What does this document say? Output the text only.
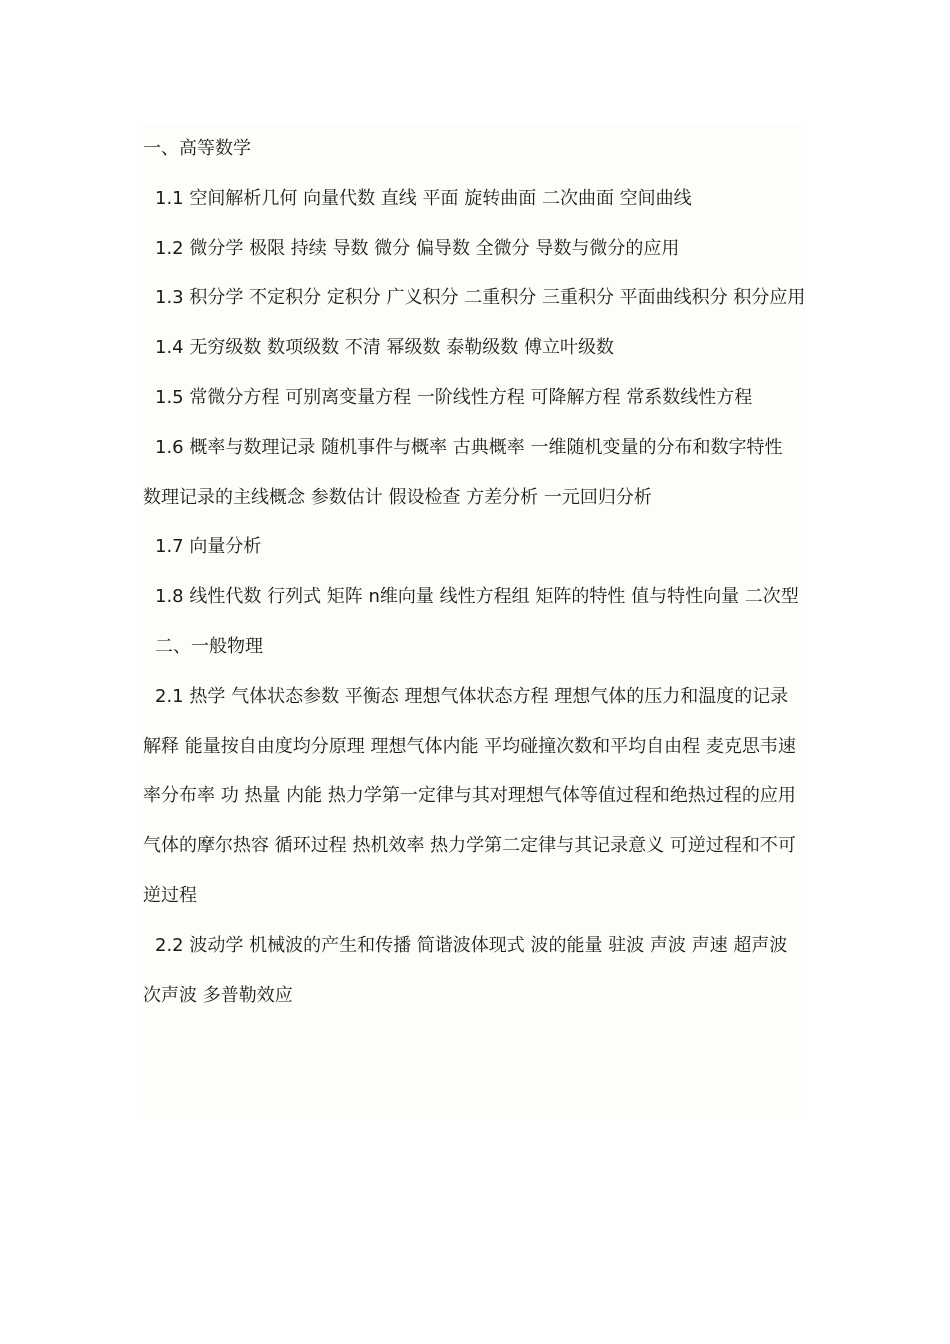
一、高等数学

1.1 空间解析几何 向量代数 直线 平面 旋转曲面 二次曲面 空间曲线

1.2 微分学 极限 持续 导数 微分 偏导数 全微分 导数与微分的应用

1.3 积分学 不定积分 定积分 广义积分 二重积分 三重积分 平面曲线积分 积分应用

1.4 无穷级数 数项级数 不清 幂级数 泰勒级数 傅立叶级数

1.5 常微分方程 可别离变量方程 一阶线性方程 可降解方程 常系数线性方程

1.6 概率与数理记录 随机事件与概率 古典概率 一维随机变量的分布和数字特性 数理记录的主线概念 参数估计 假设检查 方差分析 一元回归分析

1.7 向量分析

1.8 线性代数 行列式 矩阵 n维向量 线性方程组 矩阵的特性 值与特性向量 二次型

二、一般物理

2.1 热学 气体状态参数 平衡态 理想气体状态方程 理想气体的压力和温度的记录解释 能量按自由度均分原理 理想气体内能 平均碰撞次数和平均自由程 麦克思韦速率分布率 功 热量 内能 热力学第一定律与其对理想气体等值过程和绝热过程的应用 气体的摩尔热容 循环过程 热机效率 热力学第二定律与其记录意义 可逆过程和不可逆过程

2.2 波动学 机械波的产生和传播 简谐波体现式 波的能量 驻波 声波 声速 超声波 次声波 多普勒效应
